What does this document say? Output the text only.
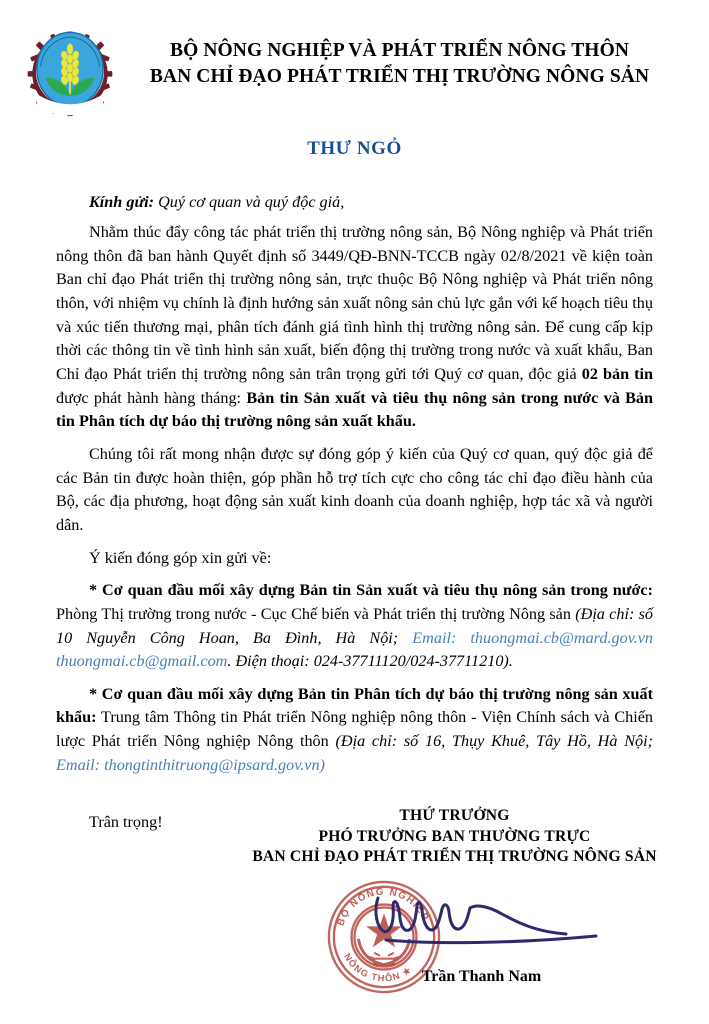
BỘ NÔNG NGHIỆP VÀ PHÁT TRIỂN NÔNG THÔN
BAN CHỈ ĐẠO PHÁT TRIỂN THỊ TRƯỜNG NÔNG SẢN
THƯ NGỎ
Kính gửi: Quý cơ quan và quý độc giả,

Nhằm thúc đẩy công tác phát triển thị trường nông sản, Bộ Nông nghiệp và Phát triển nông thôn đã ban hành Quyết định số 3449/QĐ-BNN-TCCB ngày 02/8/2021 về kiện toàn Ban chỉ đạo Phát triển thị trường nông sản, trực thuộc Bộ Nông nghiệp và Phát triển nông thôn, với nhiệm vụ chính là định hướng sản xuất nông sản chủ lực gắn với kế hoạch tiêu thụ và xúc tiến thương mại, phân tích đánh giá tình hình thị trường nông sản. Để cung cấp kịp thời các thông tin về tình hình sản xuất, biến động thị trường trong nước và xuất khẩu, Ban Chỉ đạo Phát triển thị trường nông sản trân trọng gửi tới Quý cơ quan, độc giả 02 bản tin được phát hành hàng tháng: Bản tin Sản xuất và tiêu thụ nông sản trong nước và Bản tin Phân tích dự báo thị trường nông sản xuất khẩu.

Chúng tôi rất mong nhận được sự đóng góp ý kiến của Quý cơ quan, quý độc giả để các Bản tin được hoàn thiện, góp phần hỗ trợ tích cực cho công tác chỉ đạo điều hành của Bộ, các địa phương, hoạt động sản xuất kinh doanh của doanh nghiệp, hợp tác xã và người dân.

Ý kiến đóng góp xin gửi về:

* Cơ quan đầu mối xây dựng Bản tin Sản xuất và tiêu thụ nông sản trong nước: Phòng Thị trường trong nước - Cục Chế biến và Phát triển thị trường Nông sản (Địa chỉ: số 10 Nguyễn Công Hoan, Ba Đình, Hà Nội; Email: thuongmai.cb@mard.gov.vn thuongmai.cb@gmail.com. Điện thoại: 024-37711120/024-37711210).

* Cơ quan đầu mối xây dựng Bản tin Phân tích dự báo thị trường nông sản xuất khẩu: Trung tâm Thông tin Phát triển Nông nghiệp nông thôn - Viện Chính sách và Chiến lược Phát triển Nông nghiệp Nông thôn (Địa chỉ: số 16, Thụy Khuê, Tây Hồ, Hà Nội; Email: thongtinthitruong@ipsard.gov.vn)

Trân trọng!	THỨ TRƯỞNG
PHÓ TRƯỞNG BAN THƯỜNG TRỰC
BAN CHỈ ĐẠO PHÁT TRIỂN THỊ TRƯỜNG NÔNG SẢN
BỘ NÔNG NGHIỆP
NÔNG THÔN ★ Trần Thanh Nam
